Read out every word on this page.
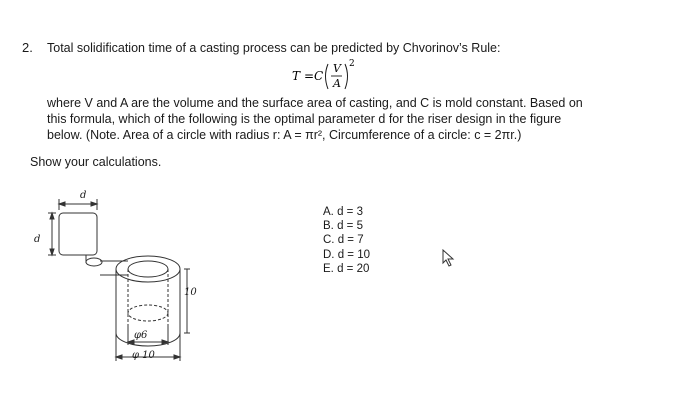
2. Total solidification time of a casting process can be predicted by Chvorinov’s Rule:
T = C
V
A
2
where V and A are the volume and the surface area of casting, and C is mold constant. Based on
this formula, which of the following is the optimal parameter d for the riser design in the figure
below. (Note. Area of a circle with radius r: A = πr², Circumference of a circle: c = 2πr.)
Show your calculations.
d
d
10
φ6
φ 10
A. d = 3
B. d = 5
C. d = 7
D. d = 10
E. d = 20
